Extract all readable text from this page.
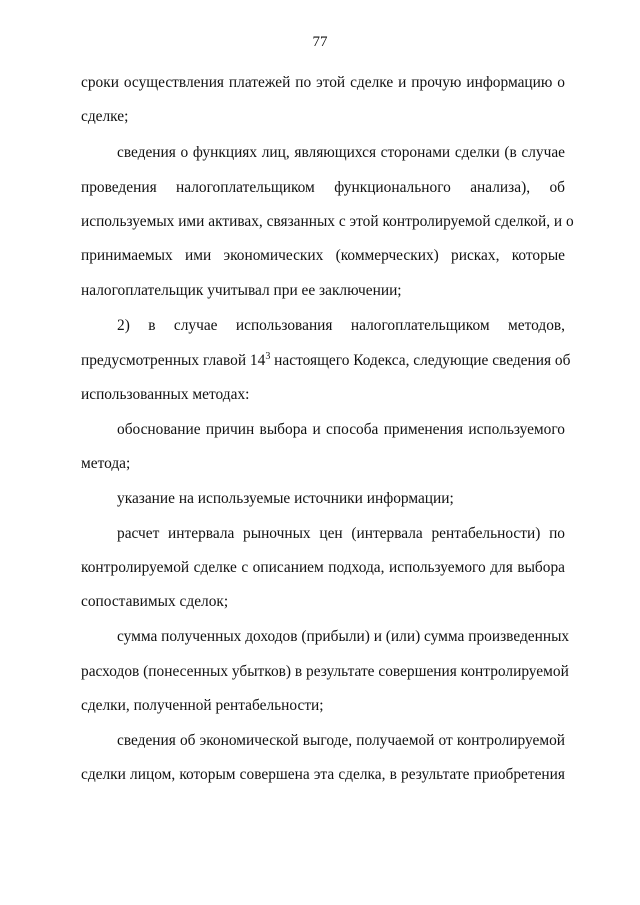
77
сроки осуществления платежей по этой сделке и прочую информацию о
сделке;
сведения о функциях лиц, являющихся сторонами сделки (в случае
проведения налогоплательщиком функционального анализа), об
используемых ими активах, связанных с этой контролируемой сделкой, и о
принимаемых ими экономических (коммерческих) рисках, которые
налогоплательщик учитывал при ее заключении;
2) в случае использования налогоплательщиком методов,
предусмотренных главой $14^3$ настоящего Кодекса, следующие сведения об
использованных методах:
обоснование причин выбора и способа применения используемого
метода;
указание на используемые источники информации;
расчет интервала рыночных цен (интервала рентабельности) по
контролируемой сделке с описанием подхода, используемого для выбора
сопоставимых сделок;
сумма полученных доходов (прибыли) и (или) сумма произведенных
расходов (понесенных убытков) в результате совершения контролируемой
сделки, полученной рентабельности;
сведения об экономической выгоде, получаемой от контролируемой
сделки лицом, которым совершена эта сделка, в результате приобретения
